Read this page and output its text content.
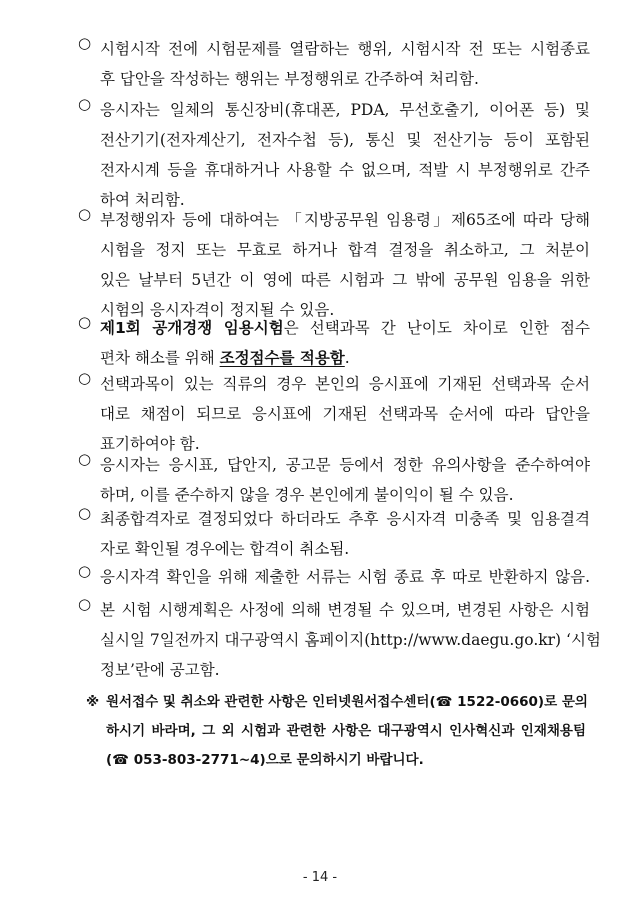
○ 시험시작 전에 시험문제를 열람하는 행위, 시험시작 전 또는 시험종료
후 답안을 작성하는 행위는 부정행위로 간주하여 처리함.
○ 응시자는 일체의 통신장비(휴대폰, PDA, 무선호출기, 이어폰 등) 및
전산기기(전자계산기, 전자수첩 등), 통신 및 전산기능 등이 포함된
전자시계 등을 휴대하거나 사용할 수 없으며, 적발 시 부정행위로 간주
하여 처리함.
○ 부정행위자 등에 대하여는 「지방공무원 임용령」제65조에 따라 당해
시험을 정지 또는 무효로 하거나 합격 결정을 취소하고, 그 처분이
있은 날부터 5년간 이 영에 따른 시험과 그 밖에 공무원 임용을 위한
시험의 응시자격이 정지될 수 있음.
○ 제1회 공개경쟁 임용시험은 선택과목 간 난이도 차이로 인한 점수
편차 해소를 위해 조정점수를 적용함.
○ 선택과목이 있는 직류의 경우 본인의 응시표에 기재된 선택과목 순서
대로 채점이 되므로 응시표에 기재된 선택과목 순서에 따라 답안을
표기하여야 함.
○ 응시자는 응시표, 답안지, 공고문 등에서 정한 유의사항을 준수하여야
하며, 이를 준수하지 않을 경우 본인에게 불이익이 될 수 있음.
○ 최종합격자로 결정되었다 하더라도 추후 응시자격 미충족 및 임용결격
자로 확인될 경우에는 합격이 취소됨.
○ 응시자격 확인을 위해 제출한 서류는 시험 종료 후 따로 반환하지 않음.
○ 본 시험 시행계획은 사정에 의해 변경될 수 있으며, 변경된 사항은 시험
실시일 7일전까지 대구광역시 홈페이지(http://www.daegu.go.kr) ‘시험
정보’란에 공고함.
※ 원서접수 및 취소와 관련한 사항은 인터넷원서접수센터(☎ 1522-0660)로 문의
하시기 바라며, 그 외 시험과 관련한 사항은 대구광역시 인사혁신과 인재채용팀
(☎ 053-803-2771~4)으로 문의하시기 바랍니다.
- 14 -
